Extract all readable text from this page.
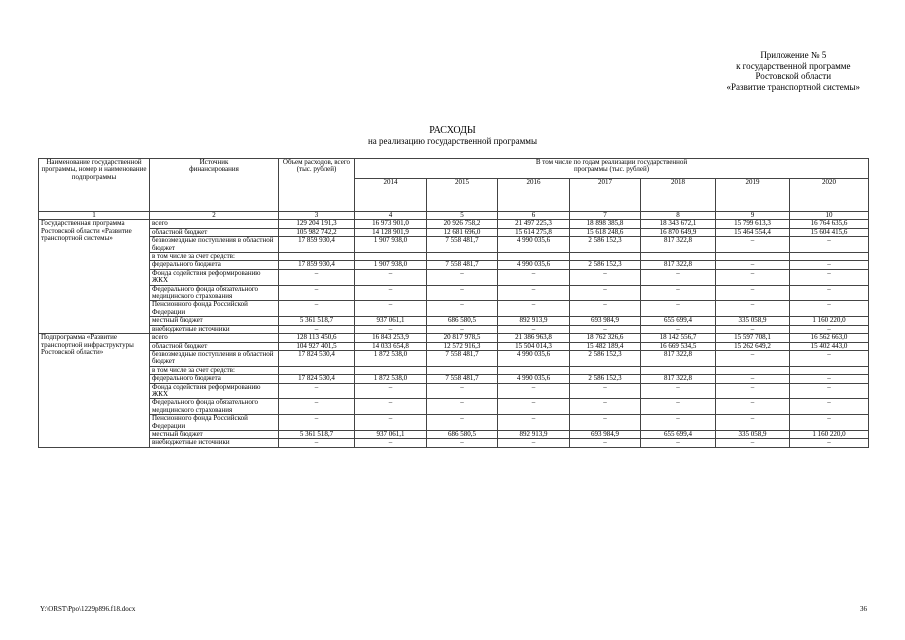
Приложение № 5
к государственной программе
Ростовской области
«Развитие транспортной системы»
РАСХОДЫ
на реализацию государственной программы
Наименование государственной программы, номер и наименование подпрограммы	Источник финансирования	Объем расходов, всего (тыс. рублей)	В том числе по годам реализации государственной программы (тыс. рублей)						
			2014	2015	2016	2017	2018	2019	2020
1	2	3	4	5	6	7	8	9	10
Государственная программа Ростовской области «Развитие транспортной системы»	всего	129 204 191,3	16 973 901,0	20 926 758,2	21 497 225,3	18 898 385,8	18 343 672,1	15 799 613,3	16 764 635,6
	областной бюджет	105 982 742,2	14 128 901,9	12 681 696,0	15 614 275,8	15 618 248,6	16 870 649,9	15 464 554,4	15 604 415,6
	безвозмездные поступления в областной бюджет	17 859 930,4	1 907 938,0	7 558 481,7	4 990 035,6	2 586 152,3	817 322,8	–	–
	в том числе за счет средств:								
	федерального бюджета	17 859 930,4	1 907 938,0	7 558 481,7	4 990 035,6	2 586 152,3	817 322,8	–	–
	Фонда содействия реформированию ЖКХ	–	–	–	–	–	–	–	–
	Федерального фонда обязательного медицинского страхования	–	–	–	–	–	–	–	–
	Пенсионного фонда Российской Федерации	–	–	–	–	–	–	–	–
	местный бюджет	5 361 518,7	937 061,1	686 580,5	892 913,9	693 984,9	655 699,4	335 058,9	1 160 220,0
	внебюджетные источники	–	–	–	–	–	–	–	–
Подпрограмма «Развитие транспортной инфраструктуры Ростовской области»	всего	128 113 450,6	16 843 253,9	20 817 978,5	21 386 963,8	18 762 326,6	18 142 556,7	15 597 708,1	16 562 663,0
	областной бюджет	104 927 401,5	14 033 654,8	12 572 916,3	15 504 014,3	15 482 189,4	16 669 534,5	15 262 649,2	15 402 443,0
	безвозмездные поступления в областной бюджет	17 824 530,4	1 872 538,0	7 558 481,7	4 990 035,6	2 586 152,3	817 322,8	–	–
	в том числе за счет средств:								
	федерального бюджета	17 824 530,4	1 872 538,0	7 558 481,7	4 990 035,6	2 586 152,3	817 322,8	–	–
	Фонда содействия реформированию ЖКХ	–	–	–	–	–	–	–	–
	Федерального фонда обязательного медицинского страхования	–	–	–	–	–	–	–	–
	Пенсионного фонда Российской Федерации	–	–	–	–	–	–	–	–
	местный бюджет	5 361 518,7	937 061,1	686 580,5	892 913,9	693 984,9	655 699,4	335 058,9	1 160 220,0
	внебюджетные источники	–	–	–	–	–	–	–	–
Y:\ORST\Ppo\1229p896.f18.docx	36
